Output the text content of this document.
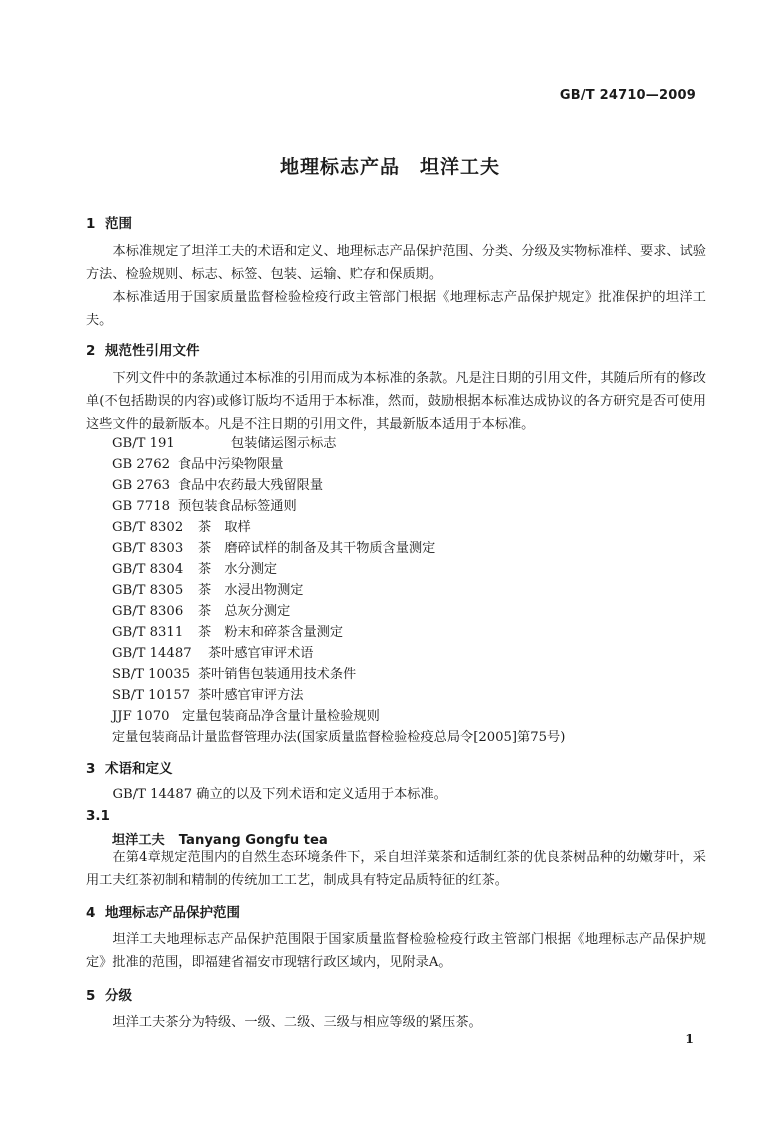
GB/T 24710—2009
地理标志产品　坦洋工夫
1 范围
本标准规定了坦洋工夫的术语和定义、地理标志产品保护范围、分类、分级及实物标准样、要求、试验方法、检验规则、标志、标签、包装、运输、贮存和保质期。
本标准适用于国家质量监督检验检疫行政主管部门根据《地理标志产品保护规定》批准保护的坦洋工夫。
2 规范性引用文件
下列文件中的条款通过本标准的引用而成为本标准的条款。凡是注日期的引用文件，其随后所有的修改单(不包括勘误的内容)或修订版均不适用于本标准，然而，鼓励根据本标准达成协议的各方研究是否可使用这些文件的最新版本。凡是不注日期的引用文件，其最新版本适用于本标准。
GB/T 191	包装储运图示标志
GB 2762 食品中污染物限量
GB 2763 食品中农药最大残留限量
GB 7718 预包装食品标签通则
GB/T 8302 茶　取样
GB/T 8303 茶　磨碎试样的制备及其干物质含量测定
GB/T 8304 茶　水分测定
GB/T 8305 茶　水浸出物测定
GB/T 8306 茶　总灰分测定
GB/T 8311 茶　粉末和碎茶含量测定
GB/T 14487 茶叶感官审评术语
SB/T 10035 茶叶销售包装通用技术条件
SB/T 10157 茶叶感官审评方法
JJF 1070 定量包装商品净含量计量检验规则
定量包装商品计量监督管理办法(国家质量监督检验检疫总局令[2005]第75号)
3 术语和定义
GB/T 14487 确立的以及下列术语和定义适用于本标准。
3.1
坦洋工夫 Tanyang Gongfu tea
在第4章规定范围内的自然生态环境条件下，采自坦洋菜茶和适制红茶的优良茶树品种的幼嫩芽叶，采用工夫红茶初制和精制的传统加工工艺，制成具有特定品质特征的红茶。
4 地理标志产品保护范围
坦洋工夫地理标志产品保护范围限于国家质量监督检验检疫行政主管部门根据《地理标志产品保护规定》批准的范围，即福建省福安市现辖行政区域内，见附录A。
5 分级
坦洋工夫茶分为特级、一级、二级、三级与相应等级的紧压茶。
1
